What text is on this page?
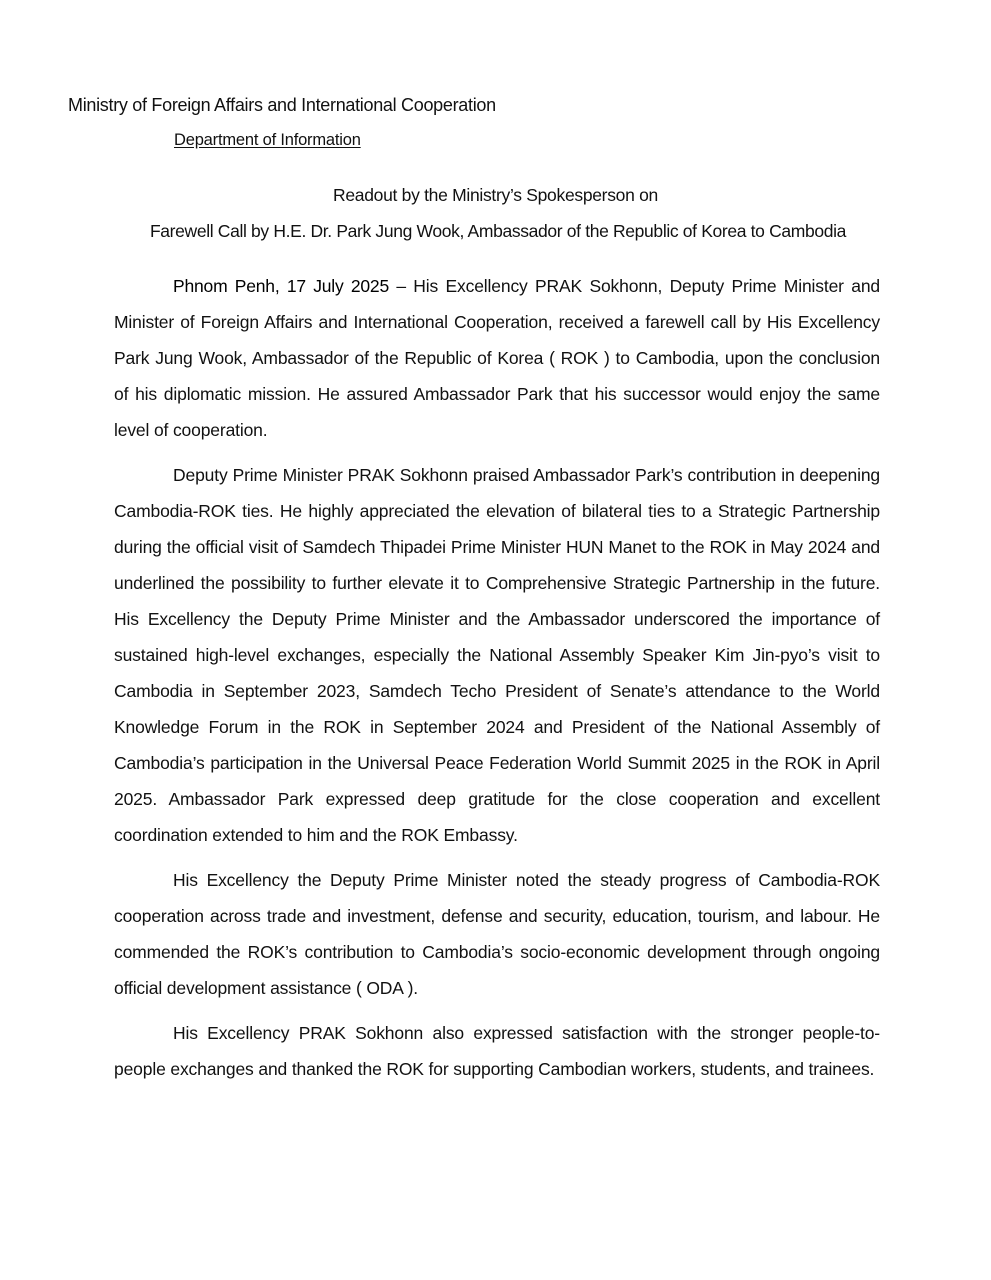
Ministry of Foreign Affairs and International Cooperation
Department of Information
Readout by the Ministry’s Spokesperson on
Farewell Call by H.E. Dr. Park Jung Wook, Ambassador of the Republic of Korea to Cambodia

Phnom Penh, 17 July 2025 – His Excellency PRAK Sokhonn, Deputy Prime Minister and Minister of Foreign Affairs and International Cooperation, received a farewell call by His Excellency Park Jung Wook, Ambassador of the Republic of Korea ( ROK ) to Cambodia, upon the conclusion of his diplomatic mission. He assured Ambassador Park that his successor would enjoy the same level of cooperation.

Deputy Prime Minister PRAK Sokhonn praised Ambassador Park’s contribution in deepening Cambodia-ROK ties. He highly appreciated the elevation of bilateral ties to a Strategic Partnership during the official visit of Samdech Thipadei Prime Minister HUN Manet to the ROK in May 2024 and underlined the possibility to further elevate it to Comprehensive Strategic Partnership in the future. His Excellency the Deputy Prime Minister and the Ambassador underscored the importance of sustained high-level exchanges, especially the National Assembly Speaker Kim Jin-pyo’s visit to Cambodia in September 2023, Samdech Techo President of Senate’s attendance to the World Knowledge Forum in the ROK in September 2024 and President of the National Assembly of Cambodia’s participation in the Universal Peace Federation World Summit 2025 in the ROK in April 2025. Ambassador Park expressed deep gratitude for the close cooperation and excellent coordination extended to him and the ROK Embassy.

His Excellency the Deputy Prime Minister noted the steady progress of Cambodia-ROK cooperation across trade and investment, defense and security, education, tourism, and labour. He commended the ROK’s contribution to Cambodia’s socio-economic development through ongoing official development assistance ( ODA ).

His Excellency PRAK Sokhonn also expressed satisfaction with the stronger people-to-people exchanges and thanked the ROK for supporting Cambodian workers, students, and trainees.
